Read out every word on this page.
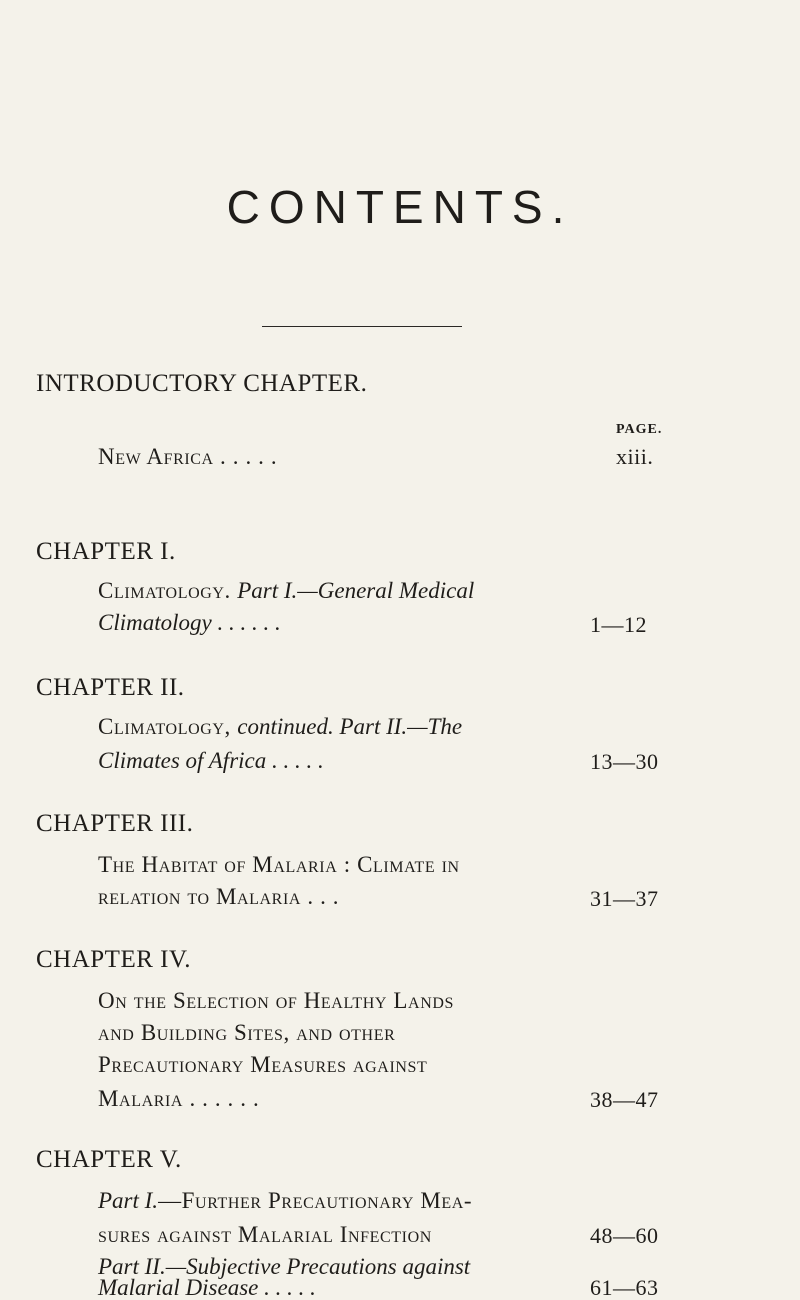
CONTENTS.
INTRODUCTORY CHAPTER.
PAGE.
New Africa . . . . .	xiii.
CHAPTER I.
Climatology. Part I.—General Medical
Climatology . . . . . .	1—12
CHAPTER II.
Climatology, continued. Part II.—The
Climates of Africa . . . . .	13—30
CHAPTER III.
The Habitat of Malaria : Climate in
relation to Malaria . . .	31—37
CHAPTER IV.
On the Selection of Healthy Lands
and Building Sites, and other
Precautionary Measures against
Malaria . . . . . .	38—47
CHAPTER V.
Part I.—Further Precautionary Mea-
sures against Malarial Infection	48—60
Part II.—Subjective Precautions against
Malarial Disease . . . . .	61—63
